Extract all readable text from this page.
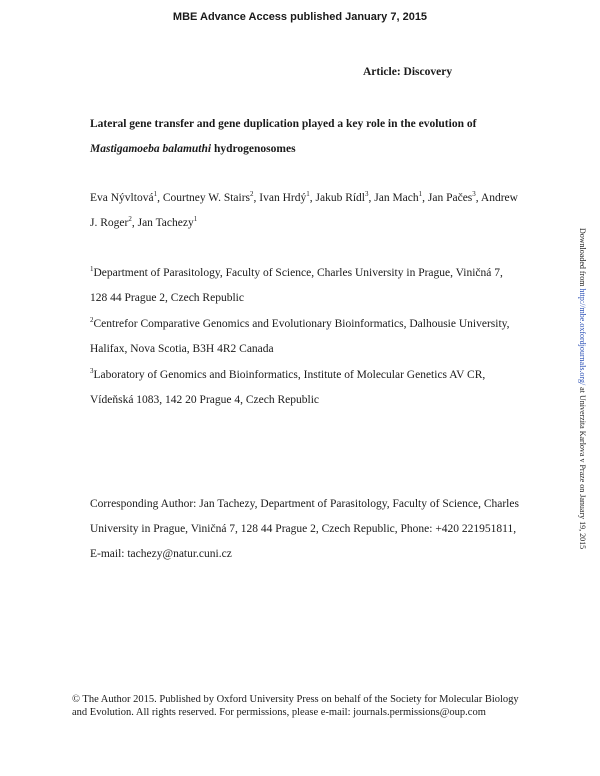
MBE Advance Access published January 7, 2015
Article: Discovery
Lateral gene transfer and gene duplication played a key role in the evolution of
Mastigamoeba balamuthi hydrogenosomes
Eva Nývltová$^1$, Courtney W. Stairs$^2$, Ivan Hrdý$^1$, Jakub Rídl$^3$, Jan Mach$^1$, Jan Pačes$^3$, Andrew
J. Roger$^2$, Jan Tachezy$^1$
$^1$Department of Parasitology, Faculty of Science, Charles University in Prague, Viničná 7,
128 44 Prague 2, Czech Republic
$^2$Centrefor Comparative Genomics and Evolutionary Bioinformatics, Dalhousie University,
Halifax, Nova Scotia, B3H 4R2 Canada
$^3$Laboratory of Genomics and Bioinformatics, Institute of Molecular Genetics AV CR,
Vídeňská 1083, 142 20 Prague 4, Czech Republic
Corresponding Author: Jan Tachezy, Department of Parasitology, Faculty of Science, Charles
University in Prague, Viničná 7, 128 44 Prague 2, Czech Republic, Phone: +420 221951811,
E-mail: tachezy@natur.cuni.cz
© The Author 2015. Published by Oxford University Press on behalf of the Society for Molecular Biology
and Evolution. All rights reserved. For permissions, please e-mail: journals.permissions@oup.com
Downloaded from http://mbe.oxfordjournals.org/ at Univerzita Karlova v Praze on January 19, 2015
